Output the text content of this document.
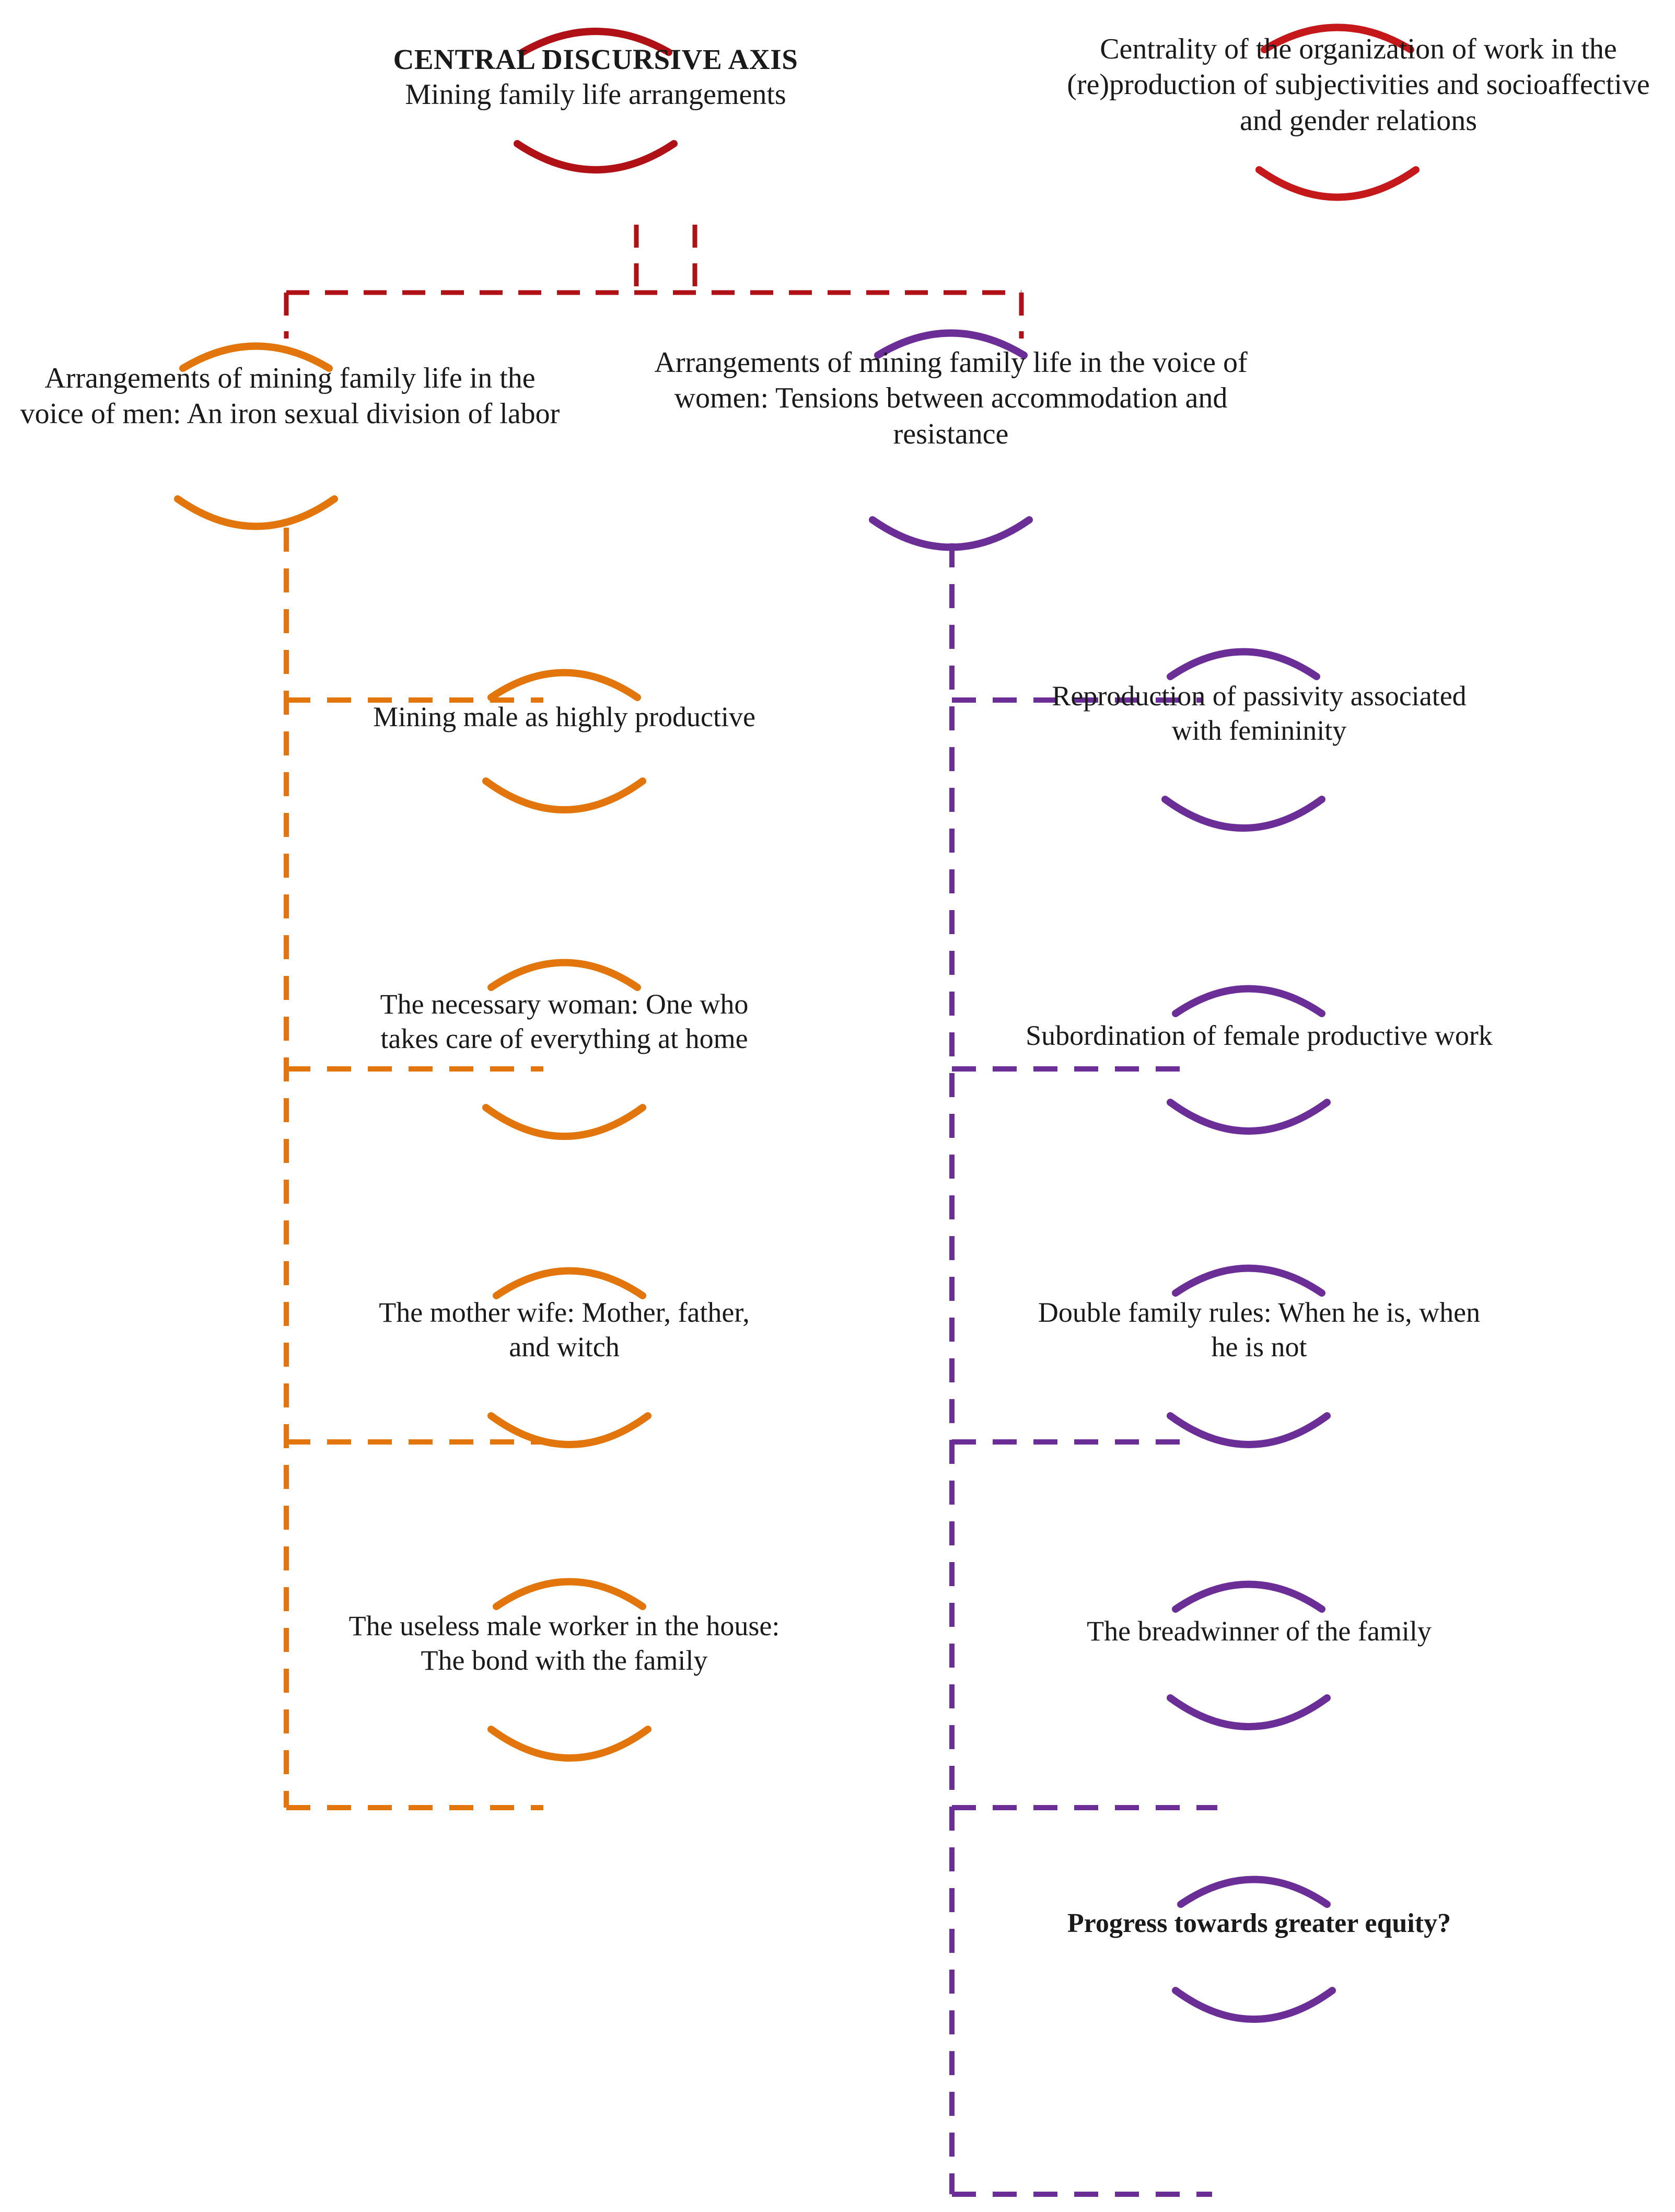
CENTRAL DISCURSIVE AXIS
Mining family life arrangements
Centrality of the organization of work in the (re)production of subjectivities and socioaffective and gender relations
Arrangements of mining family life in the voice of men: An iron sexual division of labor
Arrangements of mining family life in the voice of women: Tensions between accommodation and resistance
Mining male as highly productive
The necessary woman: One who takes care of everything at home
The mother wife: Mother, father, and witch
The useless male worker in the house: The bond with the family
Reproduction of passivity associated with femininity
Subordination of female productive work
Double family rules: When he is, when he is not
The breadwinner of the family
Progress towards greater equity?
